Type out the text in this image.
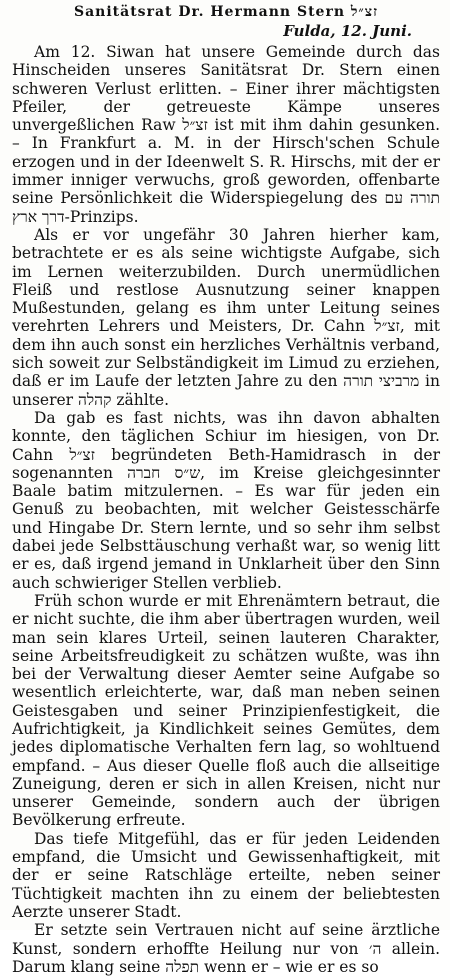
Sanitätsrat Dr. Hermann Stern זצ״ל
Fulda, 12. Juni.

Am 12. Siwan hat unsere Gemeinde durch das Hinscheiden unseres Sanitätsrat Dr. Stern einen schweren Verlust erlitten. – Einer ihrer mächtigsten Pfeiler, der getreueste Kämpe unseres unvergeßlichen Raw זצ״ל ist mit ihm dahin gesunken. – In Frankfurt a. M. in der Hirsch'schen Schule erzogen und in der Ideenwelt S. R. Hirschs, mit der er immer inniger verwuchs, groß geworden, offenbarte seine Persönlichkeit die Widerspiegelung des תורה עם דרך ארץ-Prinzips.

Als er vor ungefähr 30 Jahren hierher kam, betrachtete er es als seine wichtigste Aufgabe, sich im Lernen weiterzubilden. Durch unermüdlichen Fleiß und restlose Ausnutzung seiner knappen Mußestunden, gelang es ihm unter Leitung seines verehrten Lehrers und Meisters, Dr. Cahn זצ״ל, mit dem ihn auch sonst ein herzliches Verhältnis verband, sich soweit zur Selbständigkeit im Limud zu erziehen, daß er im Laufe der letzten Jahre zu den מרביצי תורה in unserer קהלה zählte.

Da gab es fast nichts, was ihn davon abhalten konnte, den täglichen Schiur im hiesigen, von Dr. Cahn זצ״ל begründeten Beth-Hamidrasch in der sogenannten ש״ס חברה, im Kreise gleichgesinnter Baale batim mitzulernen. – Es war für jeden ein Genuß zu beobachten, mit welcher Geistesschärfe und Hingabe Dr. Stern lernte, und so sehr ihm selbst dabei jede Selbsttäuschung verhaßt war, so wenig litt er es, daß irgend jemand in Unklarheit über den Sinn auch schwieriger Stellen verblieb.

Früh schon wurde er mit Ehrenämtern betraut, die er nicht suchte, die ihm aber übertragen wurden, weil man sein klares Urteil, seinen lauteren Charakter, seine Arbeitsfreudigkeit zu schätzen wußte, was ihn bei der Verwaltung dieser Aemter seine Aufgabe so wesentlich erleichterte, war, daß man neben seinen Geistesgaben und seiner Prinzipienfestigkeit, die Aufrichtigkeit, ja Kindlichkeit seines Gemütes, dem jedes diplomatische Verhalten fern lag, so wohltuend empfand. – Aus dieser Quelle floß auch die allseitige Zuneigung, deren er sich in allen Kreisen, nicht nur unserer Gemeinde, sondern auch der übrigen Bevölkerung erfreute.

Das tiefe Mitgefühl, das er für jeden Leidenden empfand, die Umsicht und Gewissenhaftigkeit, mit der er seine Ratschläge erteilte, neben seiner Tüchtigkeit machten ihn zu einem der beliebtesten Aerzte unserer Stadt.

Er setzte sein Vertrauen nicht auf seine ärztliche Kunst, sondern erhoffte Heilung nur von ה׳ allein. Darum klang seine תפלה wenn er – wie er es so
